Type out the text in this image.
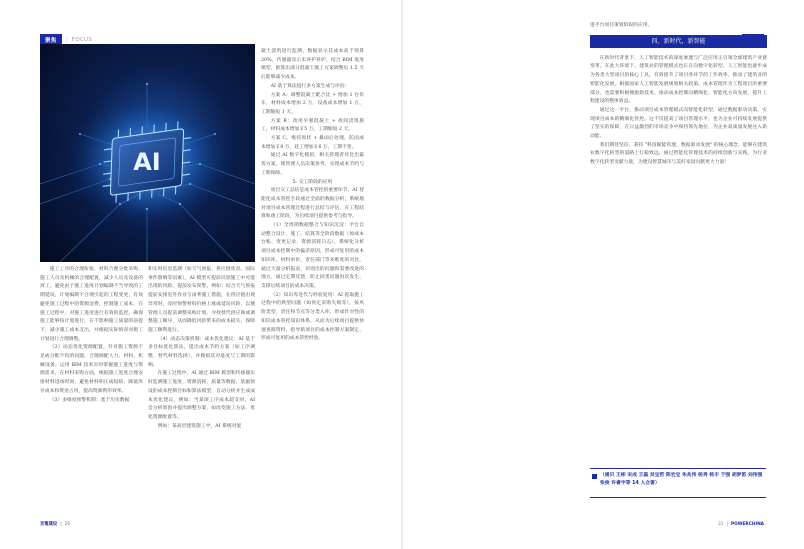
聚焦	| FOCUS
AI

施工工序的合理衔接、材料合理分批采购、施工人员及机械的合理配置，减少人员及设备的窝工。避免由于施工进度计划编制不当导致的工期延误，计划编制不合理引起的工程变更，有效避免施工过程中的资源浪费，控制施工成本，在施工过程中，对施工进度进行有效的监控，确保施工能够按计划进行，在不影响施工质量的前提下，减少施工成本支出，并根据实际情况对施工计划进行合理调整。

（2）动态优化资源配置。针对施工资源不足或分配不均的问题，合理调配人力、材料、机械设备。运用 BIM 技术实时掌握施工进度与资源需求，在材料采购方面，根据施工进度合理安排材料进场时间，避免材料积压或短缺，降低库存成本和资金占用，提高资源利用效率。

（3）多维度预警机制：基于历史数据

和实时信息监测（如天气预报、供应链状况、国际事件影响等因素），AI 模型可提前识别施工中可能出现的风险，提前发布预警。例如：结合天气预报提前安排室外作业与雨季施工措施，在供应链出现异常时，及时预警材料价格上涨或延误风险，以便管理人员提前调整采购计划、寻找替代供应商或调整施工顺序，从而降低风险带来的成本损失，保障施工顺利进行。

（4）动态决策机制：成本优化建议：AI 基于多目标优化算法，提出成本节约方案（如工序调整、替代材料选择），并模拟其对进度与工期的影响。

在施工过程中，AI 通过 BIM 模型和传感器实时监测施工进度、资源消耗、质量等数据，依据预设的成本控制目标和算法模型，自动分析并生成成本优化建议，例如：当某项工序成本超支时，AI 会分析原因并提出调整方案，如改变施工方法、优化资源配置等。

例如：某高层建筑施工中，AI 系统对混

凝土浇筑进行监测，数据显示其成本高于预算 20%，传感器显示未养护养护，结合 BIM 进度模型，推算出部分混凝土施工方案调整后 1.5 天后能够减少成本。

AI 基于算法进行多方案生成与评估：

方案 A：调整混凝土配合比 + 增加 1 台泵车，材料成本增加 2 万，设备成本增加 1 万，工期缩短 1 天。

方案 B：改用早强混凝土 + 夜间浇筑施工，材料成本增加￥5 万，工期缩短 2 天。

方案 C，维持原状 + 暴雨后处理，防雨成本增加￥8 万，赶工增加￥6 万，工期不变。

通过 AI 数字化模拟，相关管理者对比出最优方案，使管理人员决策参考，实现成本节约与工期保障。

5. 交工阶段的应用

项目交工总结是成本管控的重要环节，AI 智能化成本管控手段通过全面的数据分析，系统地对项目成本管理过程进行总结与评估，在工程结算和竣工阶段，为后续项目提供参考与指导。

（1）全周期数据整合与知识沉淀：平台自动整合设计、施工、结算等全阶段数据（如成本台账、变更记录、资源消耗日志），系统化分析项目成本控制中的偏差原因，形成可复用的成本知识库。材料单价、责任部门等多维度的对比，通过大量分析报表，识别出的问题和需要改进的地方，通过定期反馈，防止同类问题再次发生，支撑后续项目的成本决策。

（2）知识库迭代与经验复用：AI 提取施工过程中的典型问题（如预定采购失败等），按风险类型、责任和节点等分类入库，形成针对性的知识成本管控知识体系，从而为后续项目提供快速查阅资料，指导新项目的成本控制方案制定，形成可复用的成本管控经验。

京電建设 | 26

进平台项目策划阶段的应用。

四、新时代，新智能

在新时代背景下，人工智能技术的深度渗透与广泛应用正引领全球建筑产业链变革。在此大环境下，建筑业的管理模式也正在向数字化转型，人工智能也逐步成为各类大型项目的核心工具，有效提升了项目各环节的工作效率，推动了建筑业的智能化发展。根据国家人工智能发展规划相关政策，成本管理作为工程项目的重要部分，也需要积极拥抱新技术，推动成本控制向精细化、智能化方向发展，提升工程建设的整体效益。

通过这一平台，推动项目成本管理模式向智能化转型，通过数据驱动决策，实现项目成本的精细化管控。这不仅提高了项目管理水平，也为企业可持续发展提供了坚实的保障，在日益激烈的市场竞争中保持领先地位，为企业高质量发展注入新动能。

我们期待坚信，秉持 "科技赋能管理，数据驱动发展" 的核心理念，能够在建筑业数字化转型的道路上行稳致远，通过智能化管理技术的持续创新与实践，为行业数字化转型贡献力量，为建设智慧城市与美好家园贡献更大力量！

31 | POWERCHINA
（浦贝 王彬 宋成 王磊 吴宝哲 陈宏宝 朱兆伟 杨秀 杨丰 于强 胡梦笛 刘伟强 张俊 许睿宇等 14 人合著）
